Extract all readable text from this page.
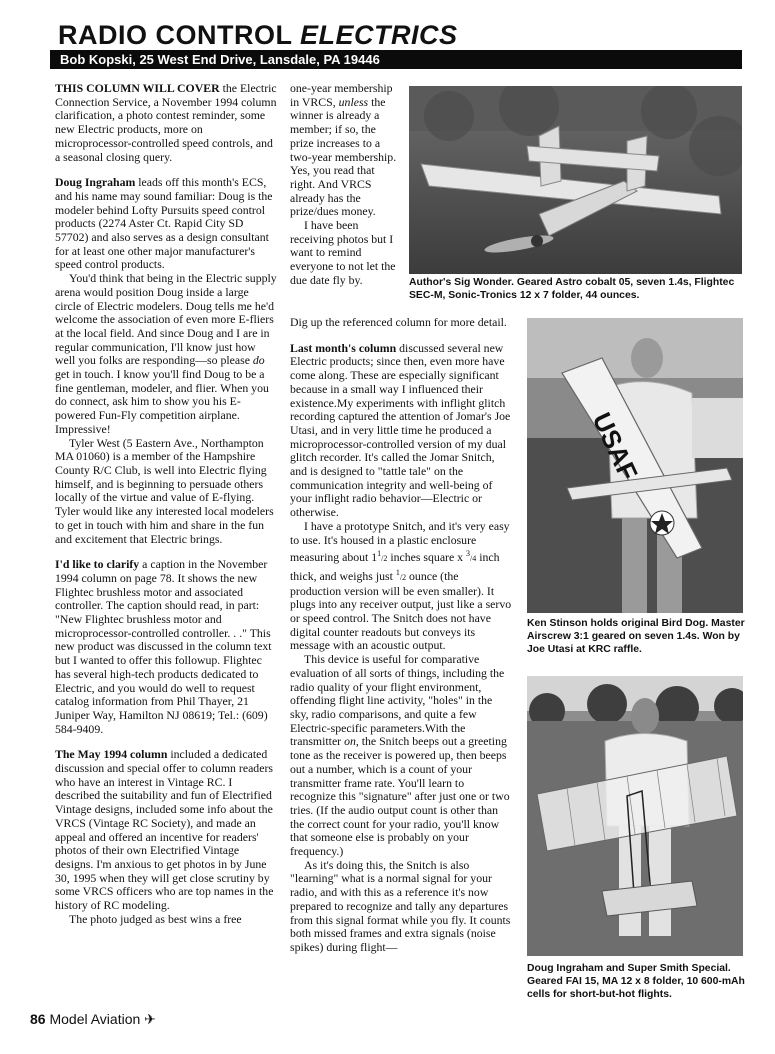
RADIO CONTROL ELECTRICS
Bob Kopski, 25 West End Drive, Lansdale, PA 19446

THIS COLUMN WILL COVER the Electric Connection Service, a November 1994 column clarification, a photo contest reminder, some new Electric products, more on microprocessor-controlled speed controls, and a seasonal closing query.

Doug Ingraham leads off this month's ECS, and his name may sound familiar: Doug is the modeler behind Lofty Pursuits speed control products (2274 Aster Ct. Rapid City SD 57702) and also serves as a design consultant for at least one other major manufacturer's speed control products.

You'd think that being in the Electric supply arena would position Doug inside a large circle of Electric modelers. Doug tells me he'd welcome the association of even more E-fliers at the local field. And since Doug and I are in regular communication, I'll know just how well you folks are responding—so please do get in touch. I know you'll find Doug to be a fine gentleman, modeler, and flier. When you do connect, ask him to show you his E-powered Fun-Fly competition airplane. Impressive!

Tyler West (5 Eastern Ave., Northampton MA 01060) is a member of the Hampshire County R/C Club, is well into Electric flying himself, and is beginning to persuade others locally of the virtue and value of E-flying. Tyler would like any interested local modelers to get in touch with him and share in the fun and excitement that Electric brings.

I'd like to clarify a caption in the November 1994 column on page 78. It shows the new Flightec brushless motor and associated controller. The caption should read, in part: "New Flightec brushless motor and microprocessor-controlled controller. . ." This new product was discussed in the column text but I wanted to offer this followup. Flightec has several high-tech products dedicated to Electric, and you would do well to request catalog information from Phil Thayer, 21 Juniper Way, Hamilton NJ 08619; Tel.: (609) 584-9409.

The May 1994 column included a dedicated discussion and special offer to column readers who have an interest in Vintage RC. I described the suitability and fun of Electrified Vintage designs, included some info about the VRCS (Vintage RC Society), and made an appeal and offered an incentive for readers' photos of their own Electrified Vintage designs. I'm anxious to get photos in by June 30, 1995 when they will get close scrutiny by some VRCS officers who are top names in the history of RC modeling.

The photo judged as best wins a free

one-year membership in VRCS, unless the winner is already a member; if so, the prize increases to a two-year membership. Yes, you read that right. And VRCS already has the prize/dues money.

I have been receiving photos but I want to remind everyone to not let the due date fly by.

Dig up the referenced column for more detail.

Last month's column discussed several new Electric products; since then, even more have come along. These are especially significant because in a small way I influenced their existence.My experiments with inflight glitch recording captured the attention of Jomar's Joe Utasi, and in very little time he produced a microprocessor-controlled version of my dual glitch recorder. It's called the Jomar Snitch, and is designed to "tattle tale" on the communication integrity and well-being of your inflight radio behavior—Electric or otherwise.

I have a prototype Snitch, and it's very easy to use. It's housed in a plastic enclosure measuring about $1^1/2$ inches square x $^3$/4 inch thick, and weighs just $^1$/2 ounce (the production version will be even smaller). It plugs into any receiver output, just like a servo or speed control. The Snitch does not have digital counter readouts but conveys its message with an acoustic output.

This device is useful for comparative evaluation of all sorts of things, including the radio quality of your flight environment, offending flight line activity, "holes" in the sky, radio comparisons, and quite a few Electric-specific parameters.With the transmitter on, the Snitch beeps out a greeting tone as the receiver is powered up, then beeps out a number, which is a count of your transmitter frame rate. You'll learn to recognize this "signature" after just one or two tries. (If the audio output count is other than the correct count for your radio, you'll know that someone else is probably on your frequency.)

As it's doing this, the Snitch is also "learning" what is a normal signal for your radio, and with this as a reference it's now prepared to recognize and tally any departures from this signal format while you fly. It counts both missed frames and extra signals (noise spikes) during flight—

Author's Sig Wonder. Geared Astro cobalt 05, seven 1.4s, Flightec SEC-M, Sonic-Tronics 12 x 7 folder, 44 ounces.
USAF
Ken Stinson holds original Bird Dog. Master Airscrew 3:1 geared on seven 1.4s. Won by Joe Utasi at KRC raffle.
Doug Ingraham and Super Smith Special. Geared FAI 15, MA 12 x 8 folder, 10 600-mAh cells for short-but-hot flights.
86 Model Aviation ✈
